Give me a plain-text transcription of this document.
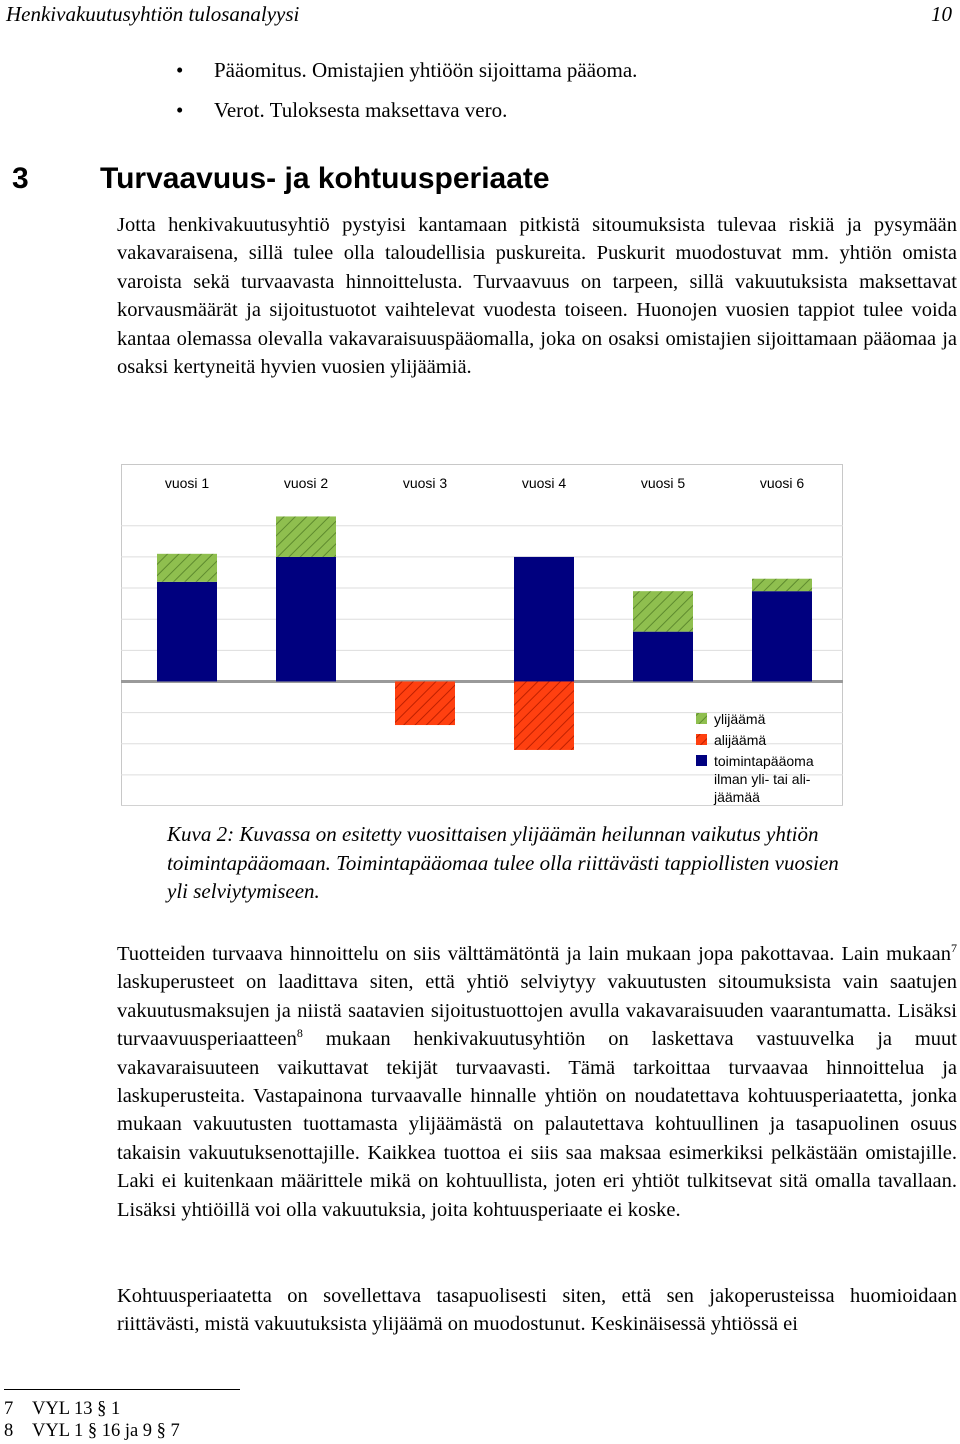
Henkivakuutusyhtiön tulosanalyysi	10
• Pääomitus. Omistajien yhtiöön sijoittama pääoma.
• Verot. Tuloksesta maksettava vero.
3 Turvaavuus- ja kohtuusperiaate

Jotta henkivakuutusyhtiö pystyisi kantamaan pitkistä sitoumuksista tulevaa riskiä ja pysymään vakavaraisena, sillä tulee olla taloudellisia puskureita. Puskurit muodostuvat mm. yhtiön omista varoista sekä turvaavasta hinnoittelusta. Turvaavuus on tarpeen, sillä vakuutuksista maksettavat korvausmäärät ja sijoitustuotot vaihtelevat vuodesta toiseen. Huonojen vuosien tappiot tulee voida kantaa olemassa olevalla vakavaraisuuspääomalla, joka on osaksi omistajien sijoittamaan pääomaa ja osaksi kertyneitä hyvien vuosien ylijäämiä.

vuosi 1	vuosi 2	vuosi 3	vuosi 4	vuosi 5	vuosi 6
ylijäämä
alijäämä
toimintapääoma
ilman yli- tai ali-
jäämää
Kuva 2: Kuvassa on esitetty vuosittaisen ylijäämän heilunnan vaikutus yhtiön toimintapääomaan. Toimintapääomaa tulee olla riittävästi tappiollisten vuosien yli selviytymiseen.

Tuotteiden turvaava hinnoittelu on siis välttämätöntä ja lain mukaan jopa pakottavaa. Lain mukaan$^7$ laskuperusteet on laadittava siten, että yhtiö selviytyy vakuutusten sitoumuksista vain saatujen vakuutusmaksujen ja niistä saatavien sijoitustuottojen avulla vakavaraisuuden vaarantumatta. Lisäksi turvaavuusperiaatteen$^8$ mukaan henkivakuutusyhtiön on laskettava vastuuvelka ja muut vakavaraisuuteen vaikuttavat tekijät turvaavasti. Tämä tarkoittaa turvaavaa hinnoittelua ja laskuperusteita. Vastapainona turvaavalle hinnalle yhtiön on noudatettava kohtuusperiaatetta, jonka mukaan vakuutusten tuottamasta ylijäämästä on palautettava kohtuullinen ja tasapuolinen osuus takaisin vakuutuksenottajille. Kaikkea tuottoa ei siis saa maksaa esimerkiksi pelkästään omistajille. Laki ei kuitenkaan määrittele mikä on kohtuullista, joten eri yhtiöt tulkitsevat sitä omalla tavallaan. Lisäksi yhtiöillä voi olla vakuutuksia, joita kohtuusperiaate ei koske.

Kohtuusperiaatetta on sovellettava tasapuolisesti siten, että sen jakoperusteissa huomioidaan riittävästi, mistä vakuutuksista ylijäämä on muodostunut. Keskinäisessä yhtiössä ei

7 VYL 13 § 1
8 VYL 1 § 16 ja 9 § 7
